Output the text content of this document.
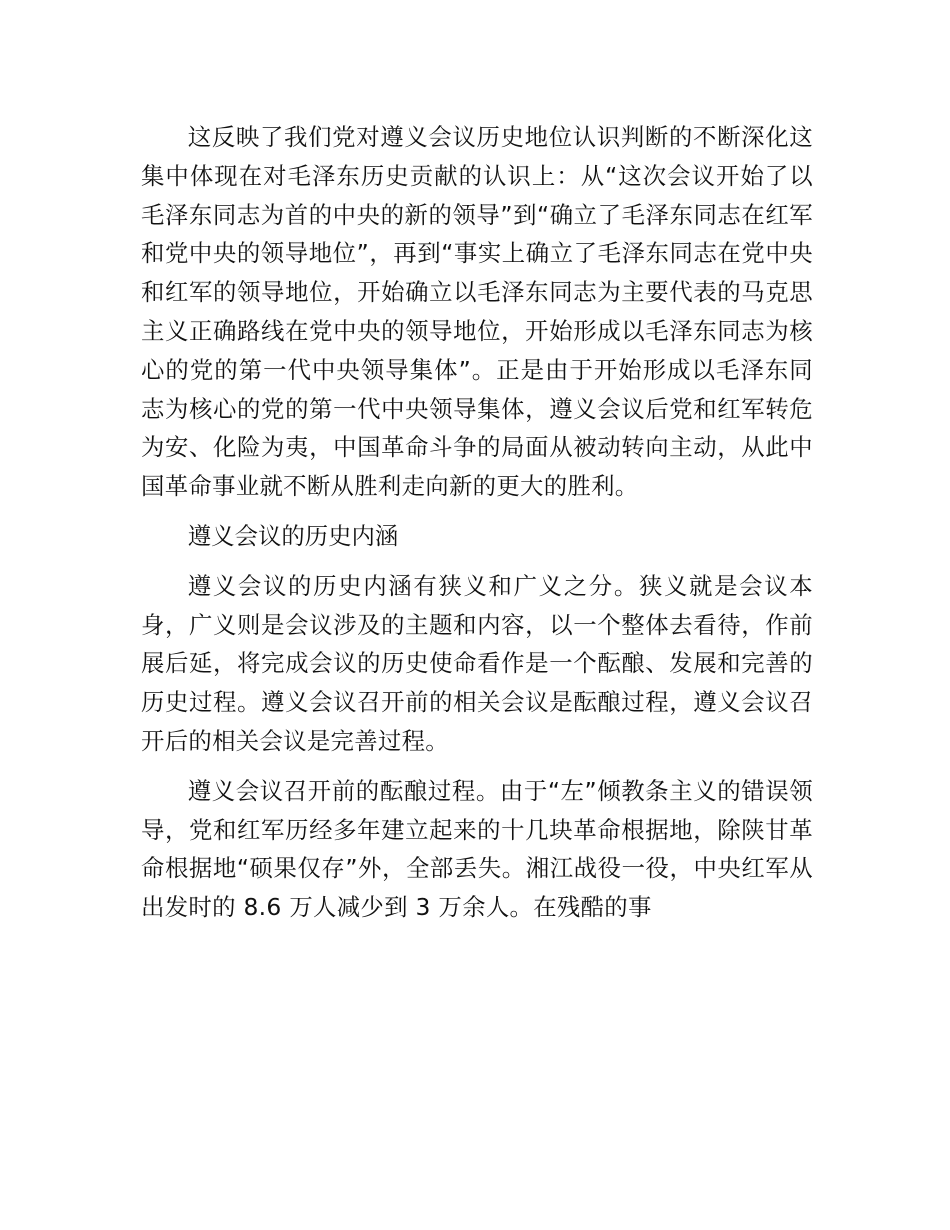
这反映了我们党对遵义会议历史地位认识判断的不断深化这集中体现在对毛泽东历史贡献的认识上：从“这次会议开始了以毛泽东同志为首的中央的新的领导”到“确立了毛泽东同志在红军和党中央的领导地位”，再到“事实上确立了毛泽东同志在党中央和红军的领导地位，开始确立以毛泽东同志为主要代表的马克思主义正确路线在党中央的领导地位，开始形成以毛泽东同志为核心的党的第一代中央领导集体”。正是由于开始形成以毛泽东同志为核心的党的第一代中央领导集体，遵义会议后党和红军转危为安、化险为夷，中国革命斗争的局面从被动转向主动，从此中国革命事业就不断从胜利走向新的更大的胜利。

遵义会议的历史内涵

遵义会议的历史内涵有狭义和广义之分。狭义就是会议本身，广义则是会议涉及的主题和内容，以一个整体去看待，作前展后延，将完成会议的历史使命看作是一个酝酿、发展和完善的历史过程。遵义会议召开前的相关会议是酝酿过程，遵义会议召开后的相关会议是完善过程。

遵义会议召开前的酝酿过程。由于“左”倾教条主义的错误领导，党和红军历经多年建立起来的十几块革命根据地，除陕甘革命根据地“硕果仅存”外，全部丢失。湘江战役一役，中央红军从出发时的 8.6 万人减少到 3 万余人。在残酷的事
